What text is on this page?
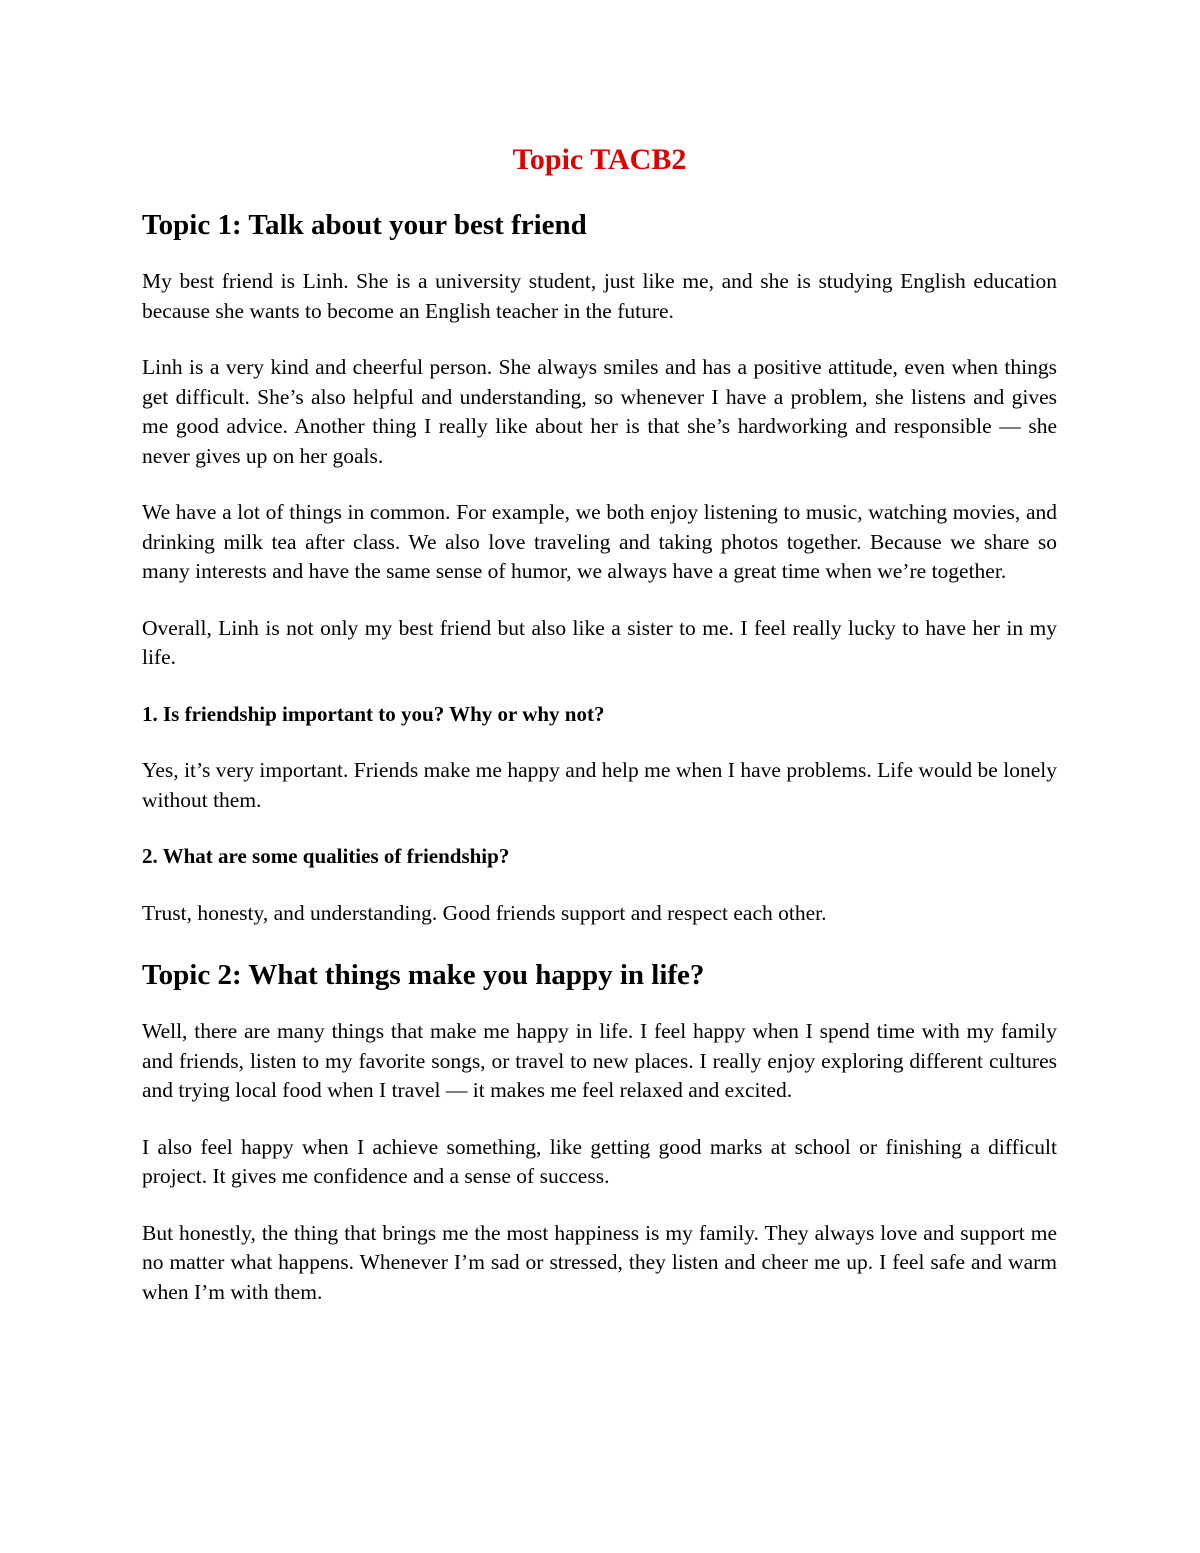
Topic TACB2
Topic 1: Talk about your best friend

My best friend is Linh. She is a university student, just like me, and she is studying English education because she wants to become an English teacher in the future.

Linh is a very kind and cheerful person. She always smiles and has a positive attitude, even when things get difficult. She’s also helpful and understanding, so whenever I have a problem, she listens and gives me good advice. Another thing I really like about her is that she’s hardworking and responsible — she never gives up on her goals.

We have a lot of things in common. For example, we both enjoy listening to music, watching movies, and drinking milk tea after class. We also love traveling and taking photos together. Because we share so many interests and have the same sense of humor, we always have a great time when we’re together.

Overall, Linh is not only my best friend but also like a sister to me. I feel really lucky to have her in my life.

1. Is friendship important to you? Why or why not?

Yes, it’s very important. Friends make me happy and help me when I have problems. Life would be lonely without them.

2. What are some qualities of friendship?

Trust, honesty, and understanding. Good friends support and respect each other.

Topic 2: What things make you happy in life?

Well, there are many things that make me happy in life. I feel happy when I spend time with my family and friends, listen to my favorite songs, or travel to new places. I really enjoy exploring different cultures and trying local food when I travel — it makes me feel relaxed and excited.

I also feel happy when I achieve something, like getting good marks at school or finishing a difficult project. It gives me confidence and a sense of success.

But honestly, the thing that brings me the most happiness is my family. They always love and support me no matter what happens. Whenever I’m sad or stressed, they listen and cheer me up. I feel safe and warm when I’m with them.
